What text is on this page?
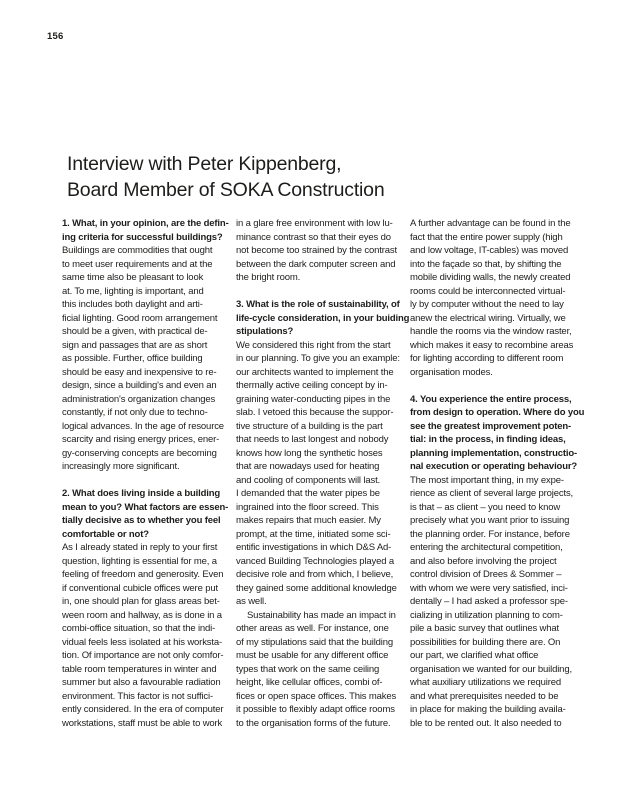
156
Interview with Peter Kippenberg,
Board Member of SOKA Construction
1. What, in your opinion, are the defin-
ing criteria for successful buildings?
Buildings are commodities that ought
to meet user requirements and at the
same time also be pleasant to look
at. To me, lighting is important, and
this includes both daylight and arti-
ficial lighting. Good room arrangement
should be a given, with practical de-
sign and passages that are as short
as possible. Further, office building
should be easy and inexpensive to re-
design, since a building's and even an
administration's organization changes
constantly, if not only due to techno-
logical advances. In the age of resource
scarcity and rising energy prices, ener-
gy-conserving concepts are becoming
increasingly more significant.
2. What does living inside a building
mean to you? What factors are essen-
tially decisive as to whether you feel
comfortable or not?
As I already stated in reply to your first
question, lighting is essential for me, a
feeling of freedom and generosity. Even
if conventional cubicle offices were put
in, one should plan for glass areas bet-
ween room and hallway, as is done in a
combi-office situation, so that the indi-
vidual feels less isolated at his worksta-
tion. Of importance are not only comfor-
table room temperatures in winter and
summer but also a favourable radiation
environment. This factor is not suffici-
ently considered. In the era of computer
workstations, staff must be able to work
in a glare free environment with low lu-
minance contrast so that their eyes do
not become too strained by the contrast
between the dark computer screen and
the bright room.
3. What is the role of sustainability, of
life-cycle consideration, in your buiding
stipulations?
We considered this right from the start
in our planning. To give you an example:
our architects wanted to implement the
thermally active ceiling concept by in-
graining water-conducting pipes in the
slab. I vetoed this because the suppor-
tive structure of a building is the part
that needs to last longest and nobody
knows how long the synthetic hoses
that are nowadays used for heating
and cooling of components will last.
I demanded that the water pipes be
ingrained into the floor screed. This
makes repairs that much easier. My
prompt, at the time, initiated some sci-
entific investigations in which D&S Ad-
vanced Building Technologies played a
decisive role and from which, I believe,
they gained some additional knowledge
as well.
Sustainability has made an impact in
other areas as well. For instance, one
of my stipulations said that the building
must be usable for any different office
types that work on the same ceiling
height, like cellular offices, combi of-
fices or open space offices. This makes
it possible to flexibly adapt office rooms
to the organisation forms of the future.
A further advantage can be found in the
fact that the entire power supply (high
and low voltage, IT-cables) was moved
into the façade so that, by shifting the
mobile dividing walls, the newly created
rooms could be interconnected virtual-
ly by computer without the need to lay
anew the electrical wiring. Virtually, we
handle the rooms via the window raster,
which makes it easy to recombine areas
for lighting according to different room
organisation modes.
4. You experience the entire process,
from design to operation. Where do you
see the greatest improvement poten-
tial: in the process, in finding ideas,
planning implementation, constructio-
nal execution or operating behaviour?
The most important thing, in my expe-
rience as client of several large projects,
is that – as client – you need to know
precisely what you want prior to issuing
the planning order. For instance, before
entering the architectural competition,
and also before involving the project
control division of Drees & Sommer –
with whom we were very satisfied, inci-
dentally – I had asked a professor spe-
cializing in utilization planning to com-
pile a basic survey that outlines what
possibilities for building there are. On
our part, we clarified what office
organisation we wanted for our building,
what auxiliary utilizations we required
and what prerequisites needed to be
in place for making the building availa-
ble to be rented out. It also needed to
